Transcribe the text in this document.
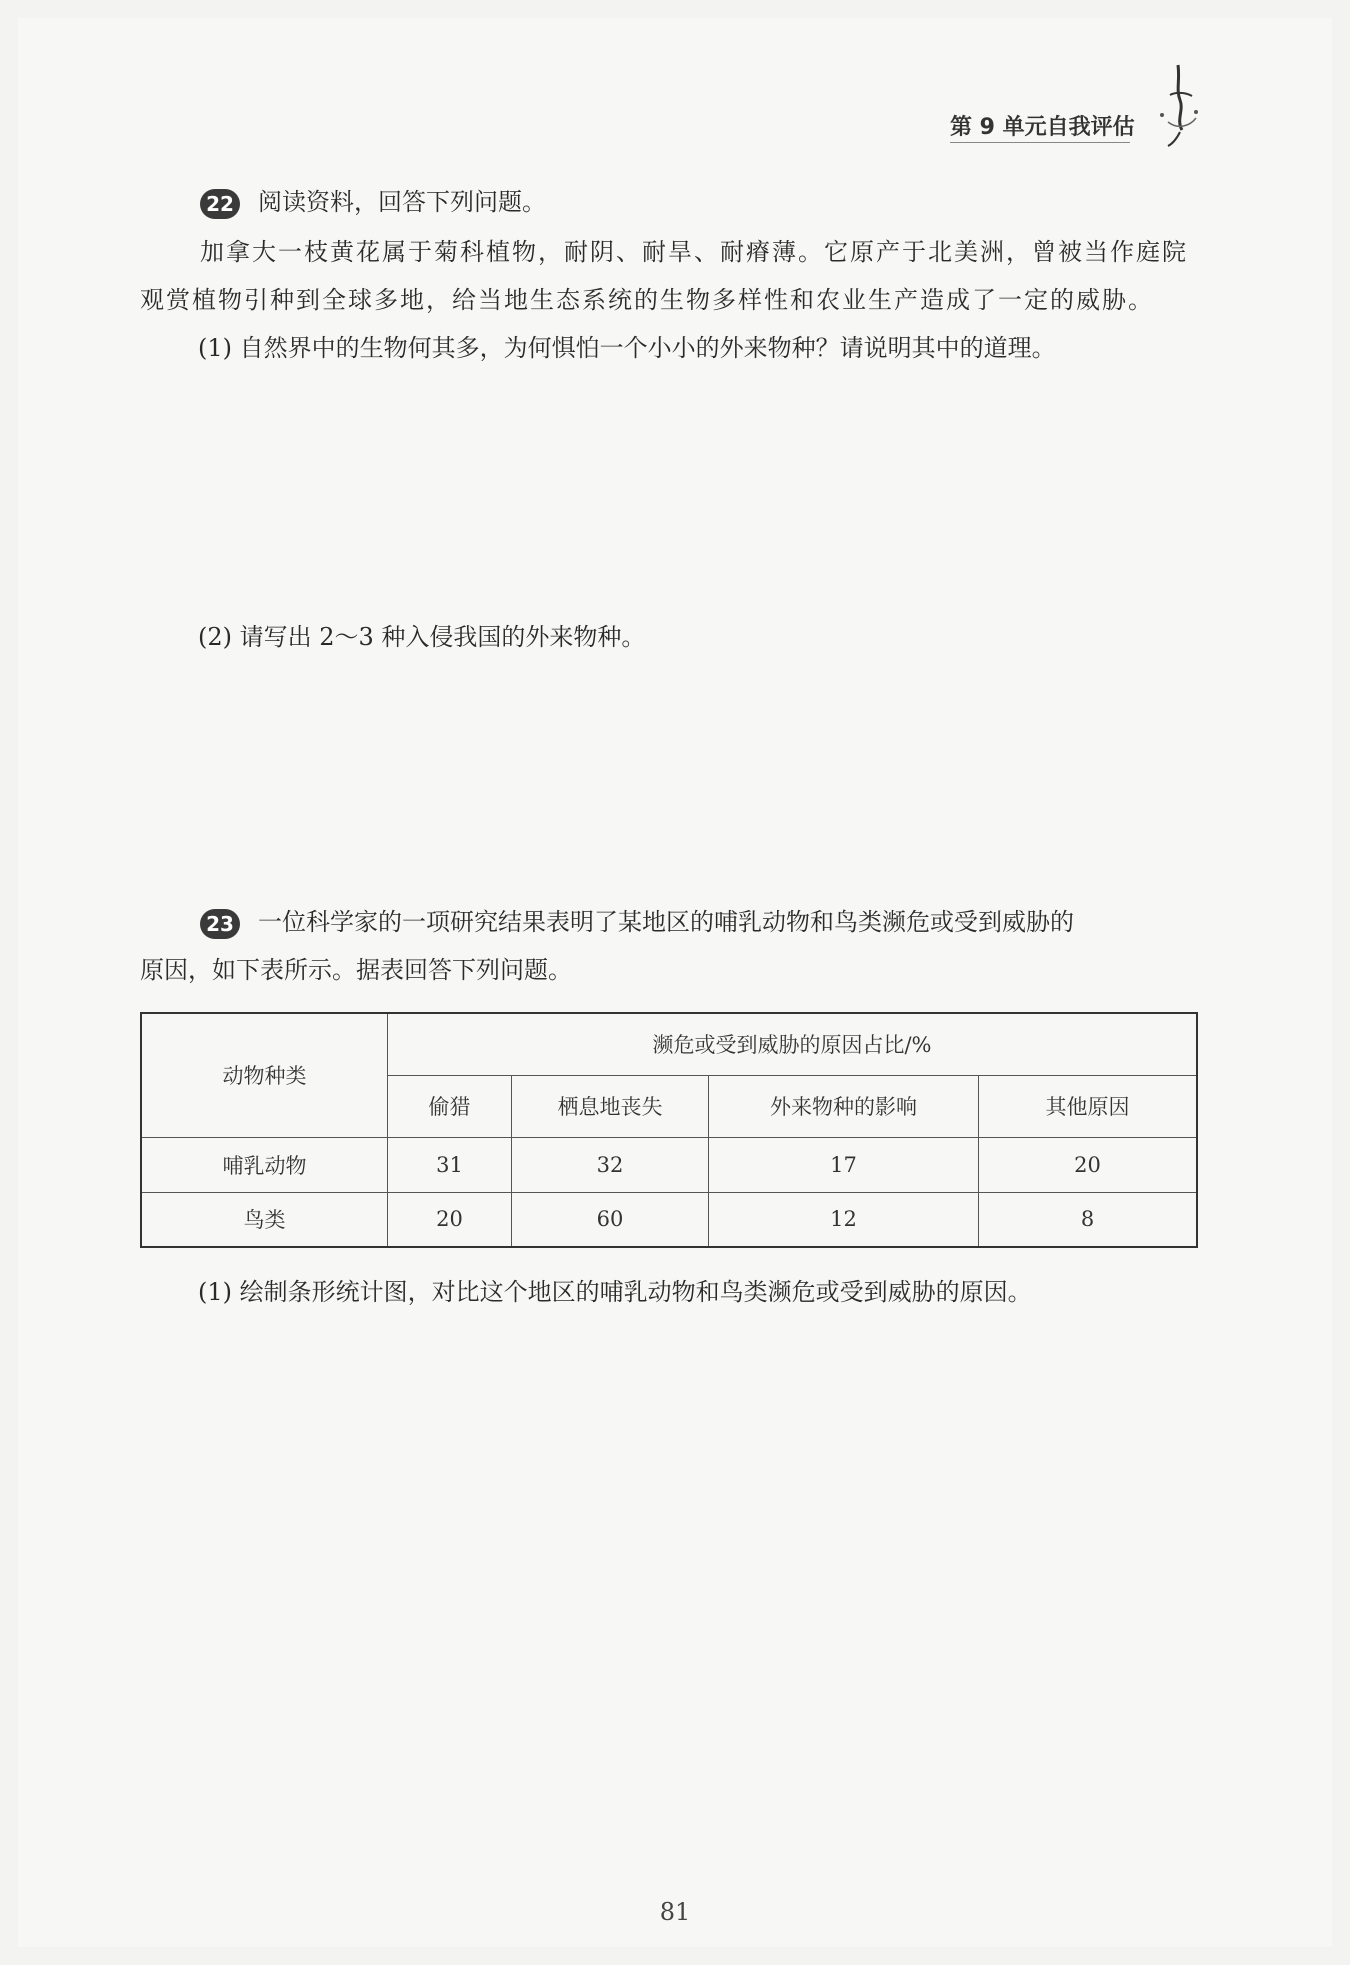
第 9 单元自我评估
22 阅读资料，回答下列问题。
加拿大一枝黄花属于菊科植物，耐阴、耐旱、耐瘠薄。它原产于北美洲，曾被当作庭院
观赏植物引种到全球多地，给当地生态系统的生物多样性和农业生产造成了一定的威胁。
(1) 自然界中的生物何其多，为何惧怕一个小小的外来物种？请说明其中的道理。
(2) 请写出 2～3 种入侵我国的外来物种。
23 一位科学家的一项研究结果表明了某地区的哺乳动物和鸟类濒危或受到威胁的
原因，如下表所示。据表回答下列问题。
动物种类	濒危或受到威胁的原因占比/%			
	偷猎	栖息地丧失	外来物种的影响	其他原因
哺乳动物	31	32	17	20
鸟类	20	60	12	8
(1) 绘制条形统计图，对比这个地区的哺乳动物和鸟类濒危或受到威胁的原因。
81
